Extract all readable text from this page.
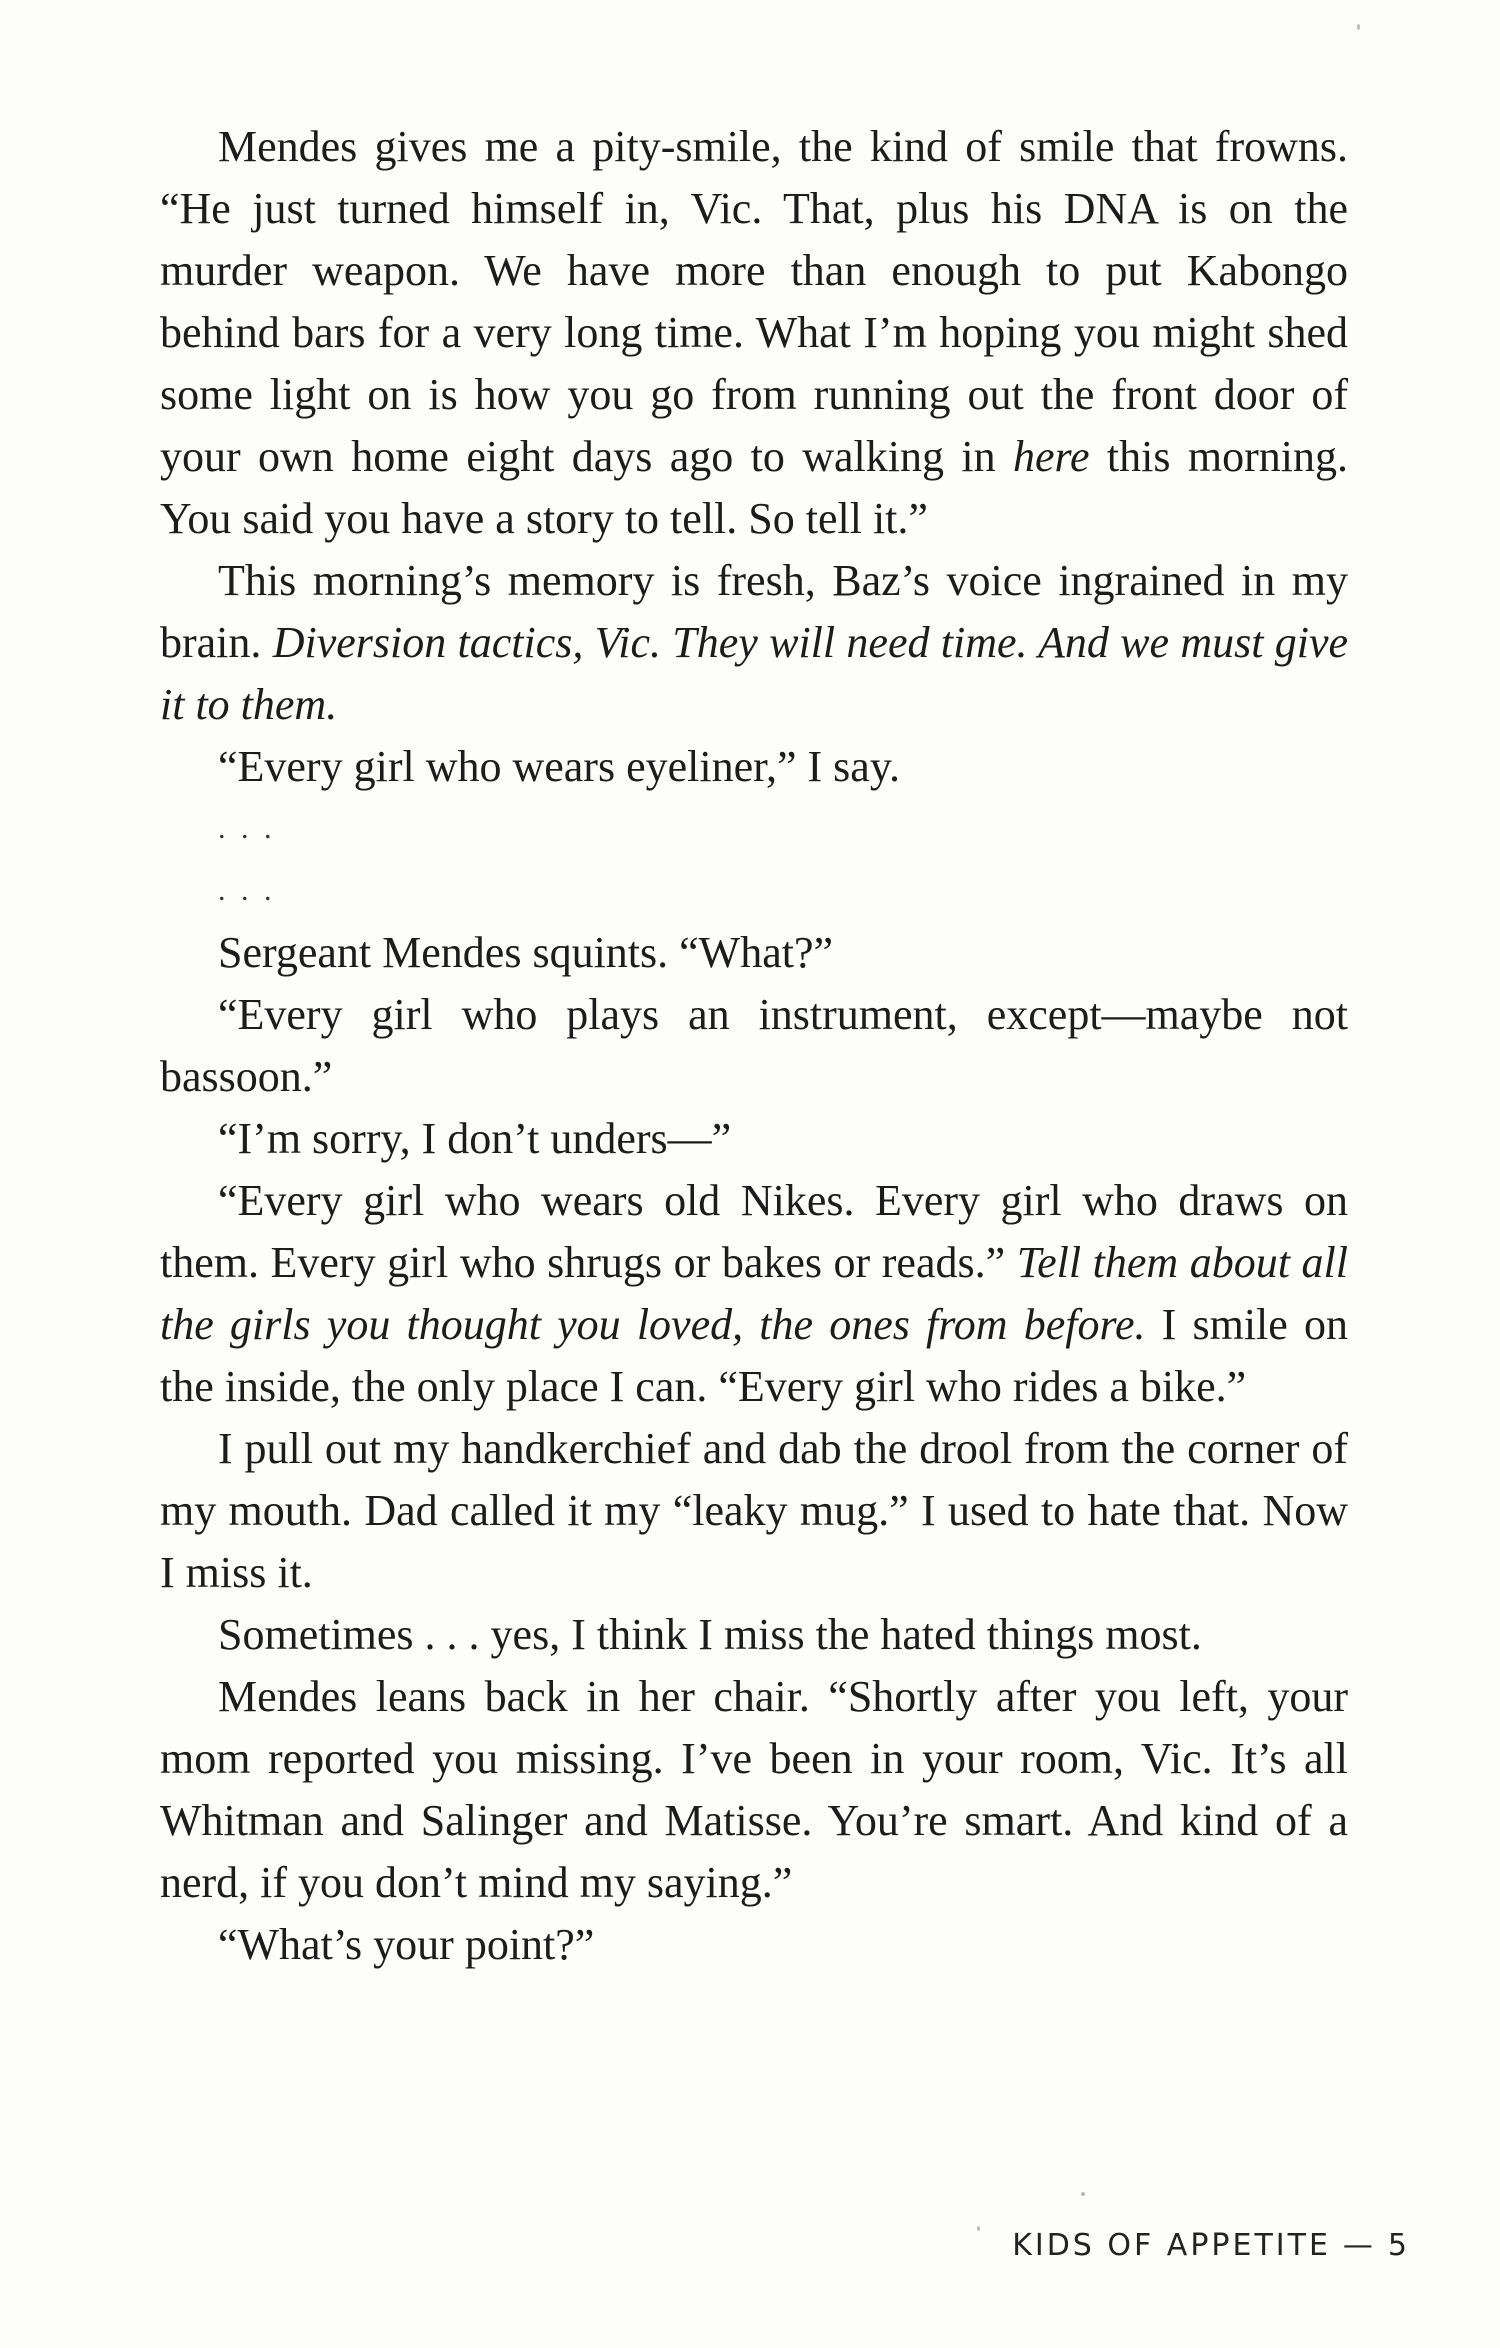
Mendes gives me a pity-smile, the kind of smile that frowns. “He just turned himself in, Vic. That, plus his DNA is on the murder weapon. We have more than enough to put Kabongo behind bars for a very long time. What I’m hoping you might shed some light on is how you go from running out the front door of your own home eight days ago to walking in here this morning. You said you have a story to tell. So tell it.”

This morning’s memory is fresh, Baz’s voice ingrained in my brain. Diversion tactics, Vic. They will need time. And we must give it to them.

“Every girl who wears eyeliner,” I say.

. . .

. . .

Sergeant Mendes squints. “What?”

“Every girl who plays an instrument, except—maybe not bassoon.”

“I’m sorry, I don’t unders—”

“Every girl who wears old Nikes. Every girl who draws on them. Every girl who shrugs or bakes or reads.” Tell them about all the girls you thought you loved, the ones from before. I smile on the inside, the only place I can. “Every girl who rides a bike.”

I pull out my handkerchief and dab the drool from the corner of my mouth. Dad called it my “leaky mug.” I used to hate that. Now I miss it.

Sometimes . . . yes, I think I miss the hated things most.

Mendes leans back in her chair. “Shortly after you left, your mom reported you missing. I’ve been in your room, Vic. It’s all Whitman and Salinger and Matisse. You’re smart. And kind of a nerd, if you don’t mind my saying.”

“What’s your point?”

KIDS OF APPETITE — 5
